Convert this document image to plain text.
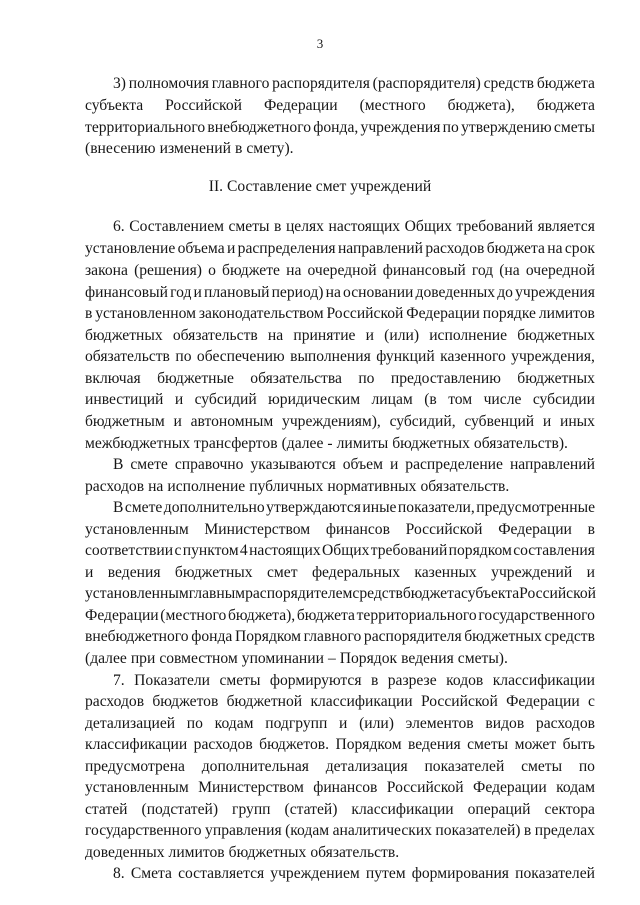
3
II. Составление смет учреждений
3) полномочия главного распорядителя (распорядителя) средств бюджета
субъекта Российской Федерации (местного бюджета), бюджета
территориального внебюджетного фонда, учреждения по утверждению сметы
(внесению изменений в смету).
6. Составлением сметы в целях настоящих Общих требований является
установление объема и распределения направлений расходов бюджета на срок
закона (решения) о бюджете на очередной финансовый год (на очередной
финансовый год и плановый период) на основании доведенных до учреждения
в установленном законодательством Российской Федерации порядке лимитов
бюджетных обязательств на принятие и (или) исполнение бюджетных
обязательств по обеспечению выполнения функций казенного учреждения,
включая бюджетные обязательства по предоставлению бюджетных
инвестиций и субсидий юридическим лицам (в том числе субсидии
бюджетным и автономным учреждениям), субсидий, субвенций и иных
межбюджетных трансфертов (далее - лимиты бюджетных обязательств).
В смете справочно указываются объем и распределение направлений
расходов на исполнение публичных нормативных обязательств.
В смете дополнительно утверждаются иные показатели, предусмотренные
установленным Министерством финансов Российской Федерации в
соответствии с пунктом 4 настоящих Общих требований порядком составления
и ведения бюджетных смет федеральных казенных учреждений и
установленным главным распорядителем средств бюджета субъекта Российской
Федерации (местного бюджета), бюджета территориального государственного
внебюджетного фонда Порядком главного распорядителя бюджетных средств
(далее при совместном упоминании – Порядок ведения сметы).
7. Показатели сметы формируются в разрезе кодов классификации
расходов бюджетов бюджетной классификации Российской Федерации с
детализацией по кодам подгрупп и (или) элементов видов расходов
классификации расходов бюджетов. Порядком ведения сметы может быть
предусмотрена дополнительная детализация показателей сметы по
установленным Министерством финансов Российской Федерации кодам
статей (подстатей) групп (статей) классификации операций сектора
государственного управления (кодам аналитических показателей) в пределах
доведенных лимитов бюджетных обязательств.
8. Смета составляется учреждением путем формирования показателей
